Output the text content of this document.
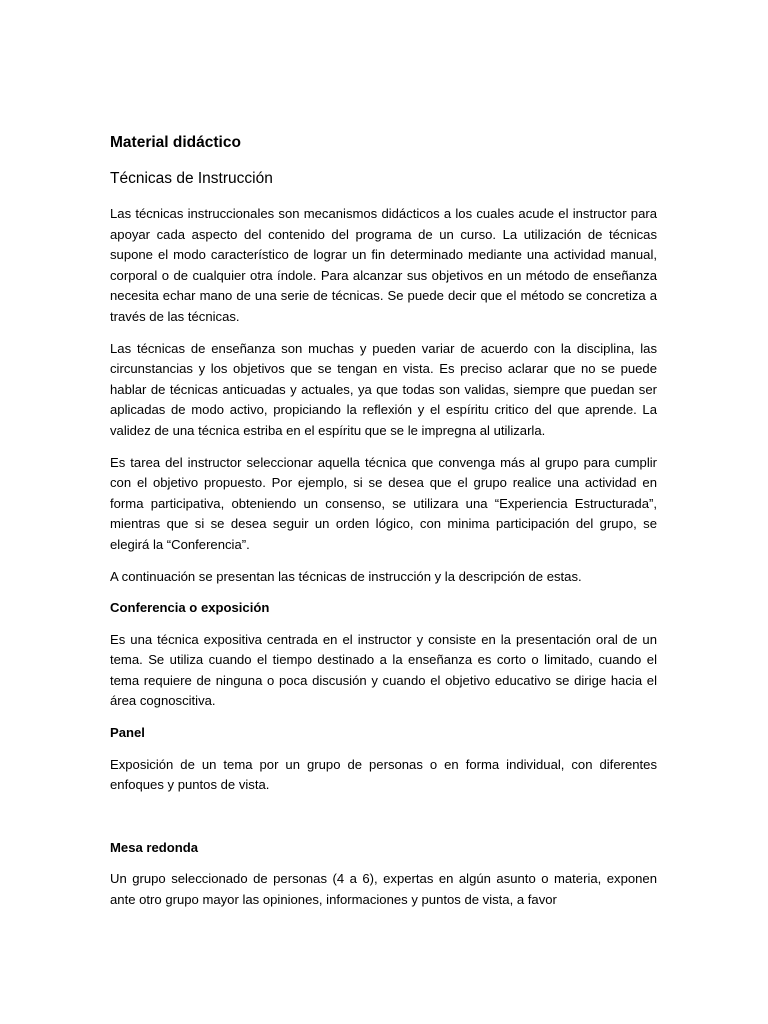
Material didáctico
Técnicas de Instrucción

Las técnicas instruccionales son mecanismos didácticos a los cuales acude el instructor para apoyar cada aspecto del contenido del programa de un curso. La utilización de técnicas supone el modo característico de lograr un fin determinado mediante una actividad manual, corporal o de cualquier otra índole. Para alcanzar sus objetivos en un método de enseñanza necesita echar mano de una serie de técnicas. Se puede decir que el método se concretiza a través de las técnicas.

Las técnicas de enseñanza son muchas y pueden variar de acuerdo con la disciplina, las circunstancias y los objetivos que se tengan en vista. Es preciso aclarar que no se puede hablar de técnicas anticuadas y actuales, ya que todas son validas, siempre que puedan ser aplicadas de modo activo, propiciando la reflexión y el espíritu critico del que aprende. La validez de una técnica estriba en el espíritu que se le impregna al utilizarla.

Es tarea del instructor seleccionar aquella técnica que convenga más al grupo para cumplir con el objetivo propuesto. Por ejemplo, si se desea que el grupo realice una actividad en forma participativa, obteniendo un consenso, se utilizara una “Experiencia Estructurada”, mientras que si se desea seguir un orden lógico, con minima participación del grupo, se elegirá la “Conferencia”.

A continuación se presentan las técnicas de instrucción y la descripción de estas.

Conferencia o exposición

Es una técnica expositiva centrada en el instructor y consiste en la presentación oral de un tema. Se utiliza cuando el tiempo destinado a la enseñanza es corto o limitado, cuando el tema requiere de ninguna o poca discusión y cuando el objetivo educativo se dirige hacia el área cognoscitiva.

Panel

Exposición de un tema por un grupo de personas o en forma individual, con diferentes enfoques y puntos de vista.

Mesa redonda

Un grupo seleccionado de personas (4 a 6), expertas en algún asunto o materia, exponen ante otro grupo mayor las opiniones, informaciones y puntos de vista, a favor
